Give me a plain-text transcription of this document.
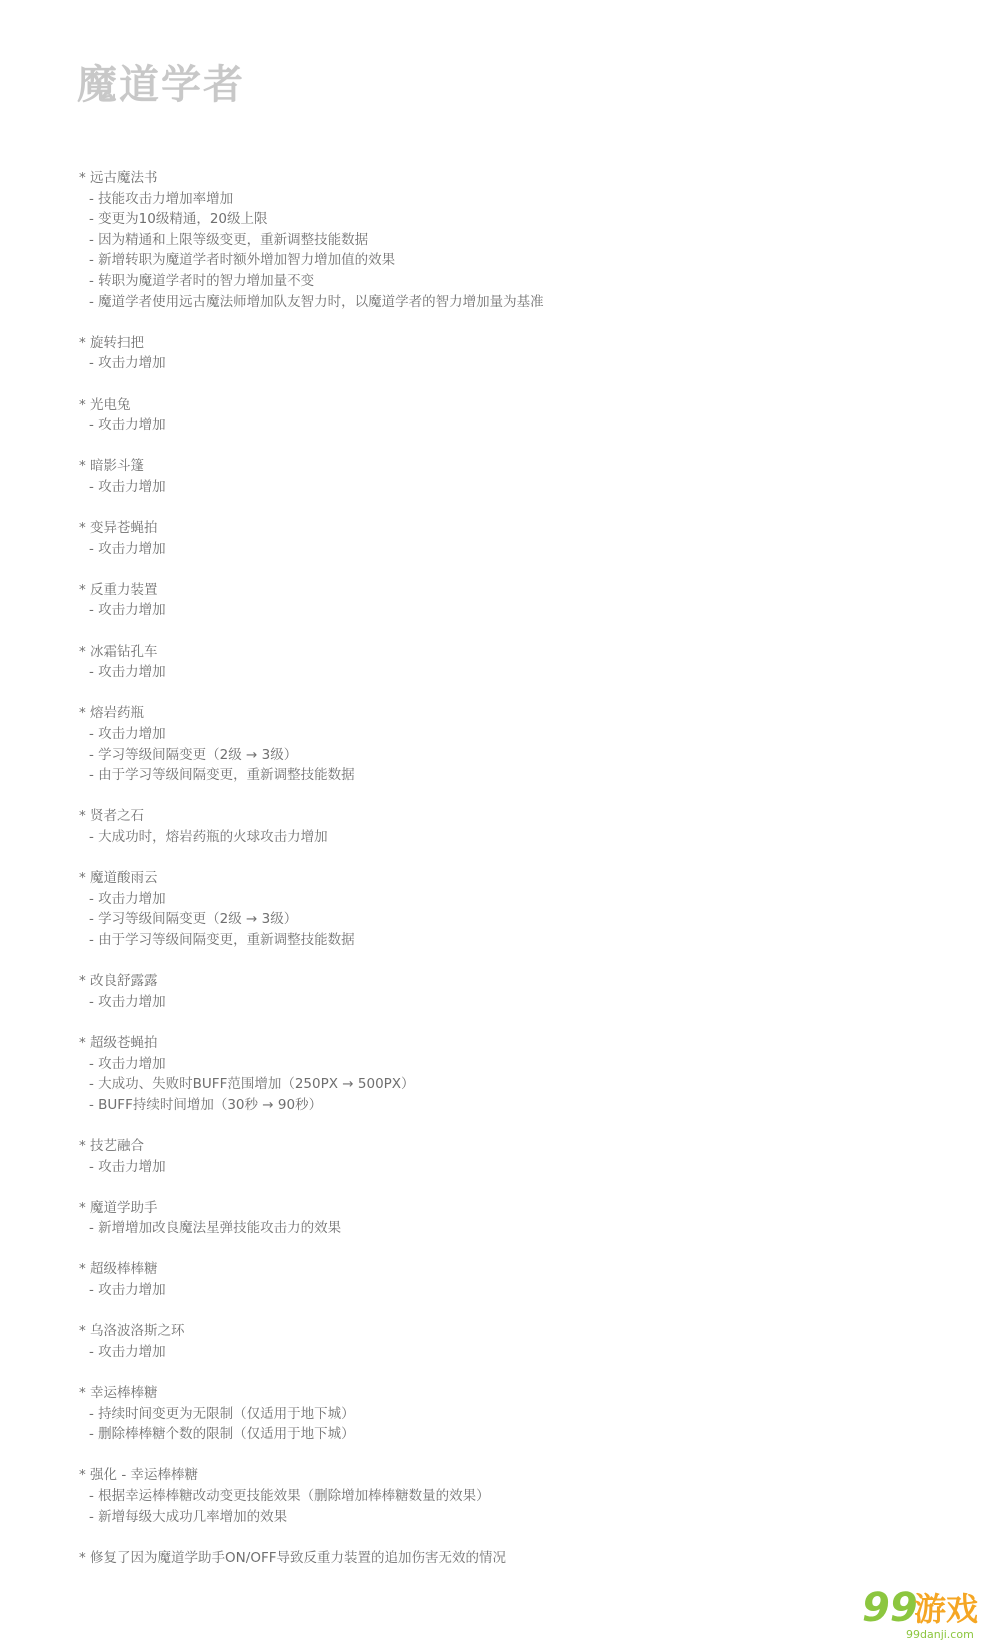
魔道学者
* 远古魔法书
- 技能攻击力增加率增加
- 变更为10级精通，20级上限
- 因为精通和上限等级变更，重新调整技能数据
- 新增转职为魔道学者时额外增加智力增加值的效果
- 转职为魔道学者时的智力增加量不变
- 魔道学者使用远古魔法师增加队友智力时，以魔道学者的智力增加量为基准
* 旋转扫把
- 攻击力增加
* 光电兔
- 攻击力增加
* 暗影斗篷
- 攻击力增加
* 变异苍蝇拍
- 攻击力增加
* 反重力装置
- 攻击力增加
* 冰霜钻孔车
- 攻击力增加
* 熔岩药瓶
- 攻击力增加
- 学习等级间隔变更（2级 → 3级）
- 由于学习等级间隔变更，重新调整技能数据
* 贤者之石
- 大成功时，熔岩药瓶的火球攻击力增加
* 魔道酸雨云
- 攻击力增加
- 学习等级间隔变更（2级 → 3级）
- 由于学习等级间隔变更，重新调整技能数据
* 改良舒露露
- 攻击力增加
* 超级苍蝇拍
- 攻击力增加
- 大成功、失败时BUFF范围增加（250PX → 500PX）
- BUFF持续时间增加（30秒 → 90秒）
* 技艺融合
- 攻击力增加
* 魔道学助手
- 新增增加改良魔法星弹技能攻击力的效果
* 超级棒棒糖
- 攻击力增加
* 乌洛波洛斯之环
- 攻击力增加
* 幸运棒棒糖
- 持续时间变更为无限制（仅适用于地下城）
- 删除棒棒糖个数的限制（仅适用于地下城）
* 强化 - 幸运棒棒糖
- 根据幸运棒棒糖改动变更技能效果（删除增加棒棒糖数量的效果）
- 新增每级大成功几率增加的效果
* 修复了因为魔道学助手ON/OFF导致反重力装置的追加伤害无效的情况
99
游戏
99danji.com
